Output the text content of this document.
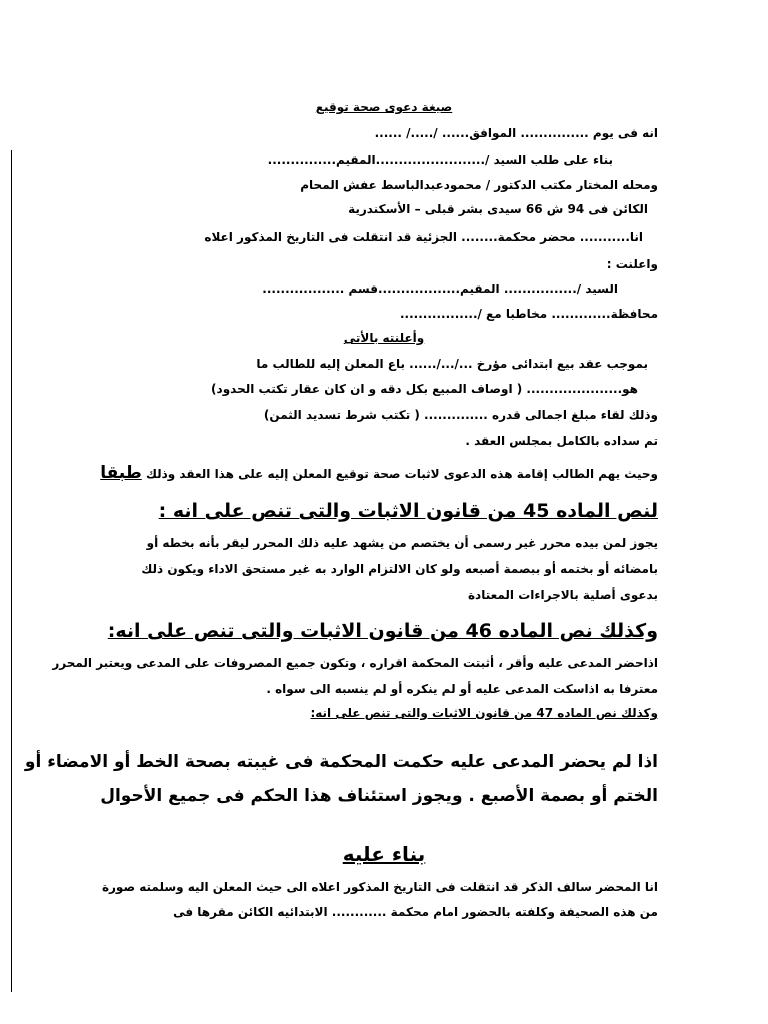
صيغة دعوى صحة توقيع
انه فى يوم ............... الموافق...... /...../ ......
بناء على طلب السيد /........................المقيم...............
ومحله المختار مكتب الدكتور / محمودعبدالباسط عفش المحام
الكائن فى 94 ش 66 سيدى بشر قبلى – الأسكندرية
انا........... محضر محكمة........ الجزئية قد انتقلت فى التاريخ المذكور اعلاه
واعلنت :
السيد /................ المقيم..................قسم ..................
محافظة............. مخاطبا مع /.................
وأعلنته بالأتى
بموجب عقد بيع ابتدائى مؤرخ .../.../...... باع المعلن إليه للطالب ما
هو..................... ( اوصاف المبيع بكل دقه و ان كان عقار تكتب الحدود)
وذلك لقاء مبلغ اجمالى قدره .............. ( تكتب شرط تسديد الثمن)
تم سداده بالكامل بمجلس العقد .
وحيث يهم الطالب إقامة هذه الدعوى لاثبات صحة توقيع المعلن إليه على هذا العقد وذلك طبقا
لنص الماده 45 من قانون الاثبات والتى تنص على انه :
يجوز لمن بيده محرر غير رسمى أن يختصم من يشهد عليه ذلك المحرر ليقر بأنه بخطه أو
بامضائه أو بختمه أو ببصمة أصبعه ولو كان الالتزام الوارد به غير مستحق الاداء ويكون ذلك
بدعوى أصلية بالاجراءات المعتادة
وكذلك نص الماده 46 من قانون الاثبات والتى تنص على انه:
اذاحضر المدعى عليه وأقر ، أثبتت المحكمة اقراره ، وتكون جميع المصروفات على المدعى ويعتبر المحرر
معترفا به اذاسكت المدعى عليه أو لم ينكره أو لم ينسبه الى سواه .
وكذلك نص الماده 47 من قانون الاثبات والتى تنص على انه:
اذا لم يحضر المدعى عليه حكمت المحكمة فى غيبته بصحة الخط أو الامضاء أو
الختم أو بصمة الأصبع . ويجوز استئناف هذا الحكم فى جميع الأحوال
بناء عليه
انا المحضر سالف الذكر قد انتقلت فى التاريخ المذكور اعلاه الى حيث المعلن اليه وسلمته صورة
من هذه الصحيفة وكلفته بالحضور امام محكمة ............ الابتدائيه الكائن مقرها فى
